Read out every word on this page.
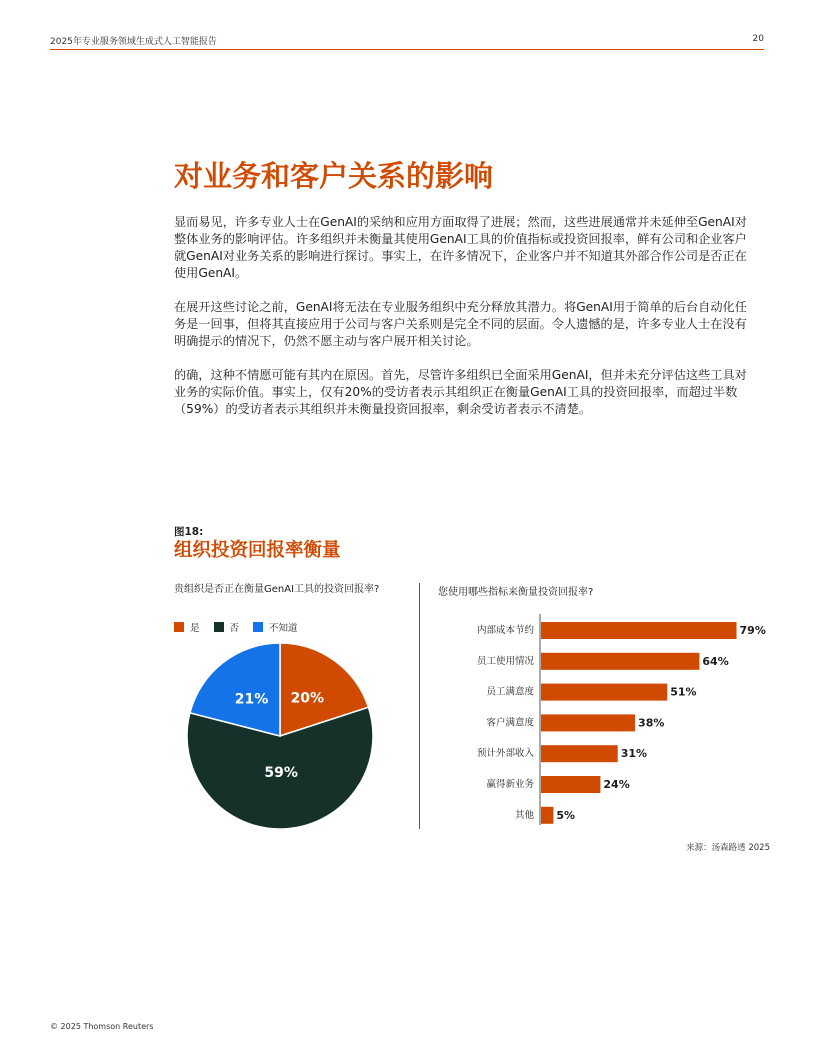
2025年专业服务领域生成式人工智能报告	20
对业务和客户关系的影响

显而易见，许多专业人士在GenAI的采纳和应用方面取得了进展；然而，这些进展通常并未延伸至GenAI对整体业务的影响评估。许多组织并未衡量其使用GenAI工具的价值指标或投资回报率，鲜有公司和企业客户就GenAI对业务关系的影响进行探讨。事实上，在许多情况下，企业客户并不知道其外部合作公司是否正在使用GenAI。

在展开这些讨论之前，GenAI将无法在专业服务组织中充分释放其潜力。将GenAI用于简单的后台自动化任务是一回事，但将其直接应用于公司与客户关系则是完全不同的层面。令人遗憾的是，许多专业人士在没有明确提示的情况下，仍然不愿主动与客户展开相关讨论。

的确，这种不情愿可能有其内在原因。首先，尽管许多组织已全面采用GenAI，但并未充分评估这些工具对业务的实际价值。事实上，仅有20%的受访者表示其组织正在衡量GenAI工具的投资回报率，而超过半数（59%）的受访者表示其组织并未衡量投资回报率，剩余受访者表示不清楚。

图18:
组织投资回报率衡量
贵组织是否正在衡量GenAI工具的投资回报率?
是	否	不知道
20%
59%
21%
您使用哪些指标来衡量投资回报率?
内部成本节约	79%
员工使用情况	64%
员工满意度	51%
客户满意度	38%
预计外部收入	31%
赢得新业务	24%
其他 5%
来源：汤森路透 2025
© 2025 Thomson Reuters
